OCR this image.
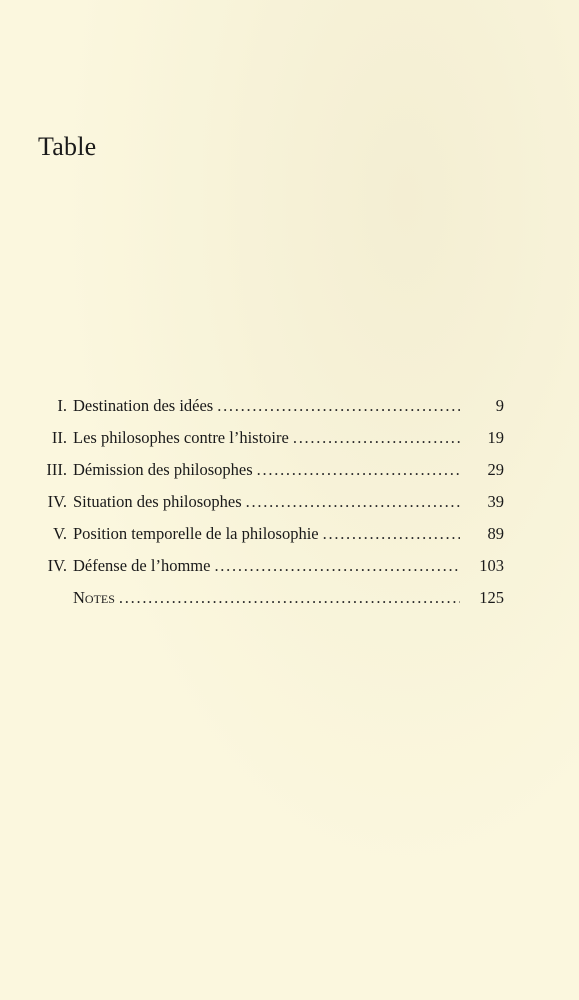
Table
I. Destination des idées . . .	9
II. Les philosophes contre l’histoire . . .	19
III. Démission des philosophes . . .	29
IV. Situation des philosophes . . .	39
V. Position temporelle de la philosophie . . .	89
IV. Défense de l’homme . . .	103
Notes . . .	125
